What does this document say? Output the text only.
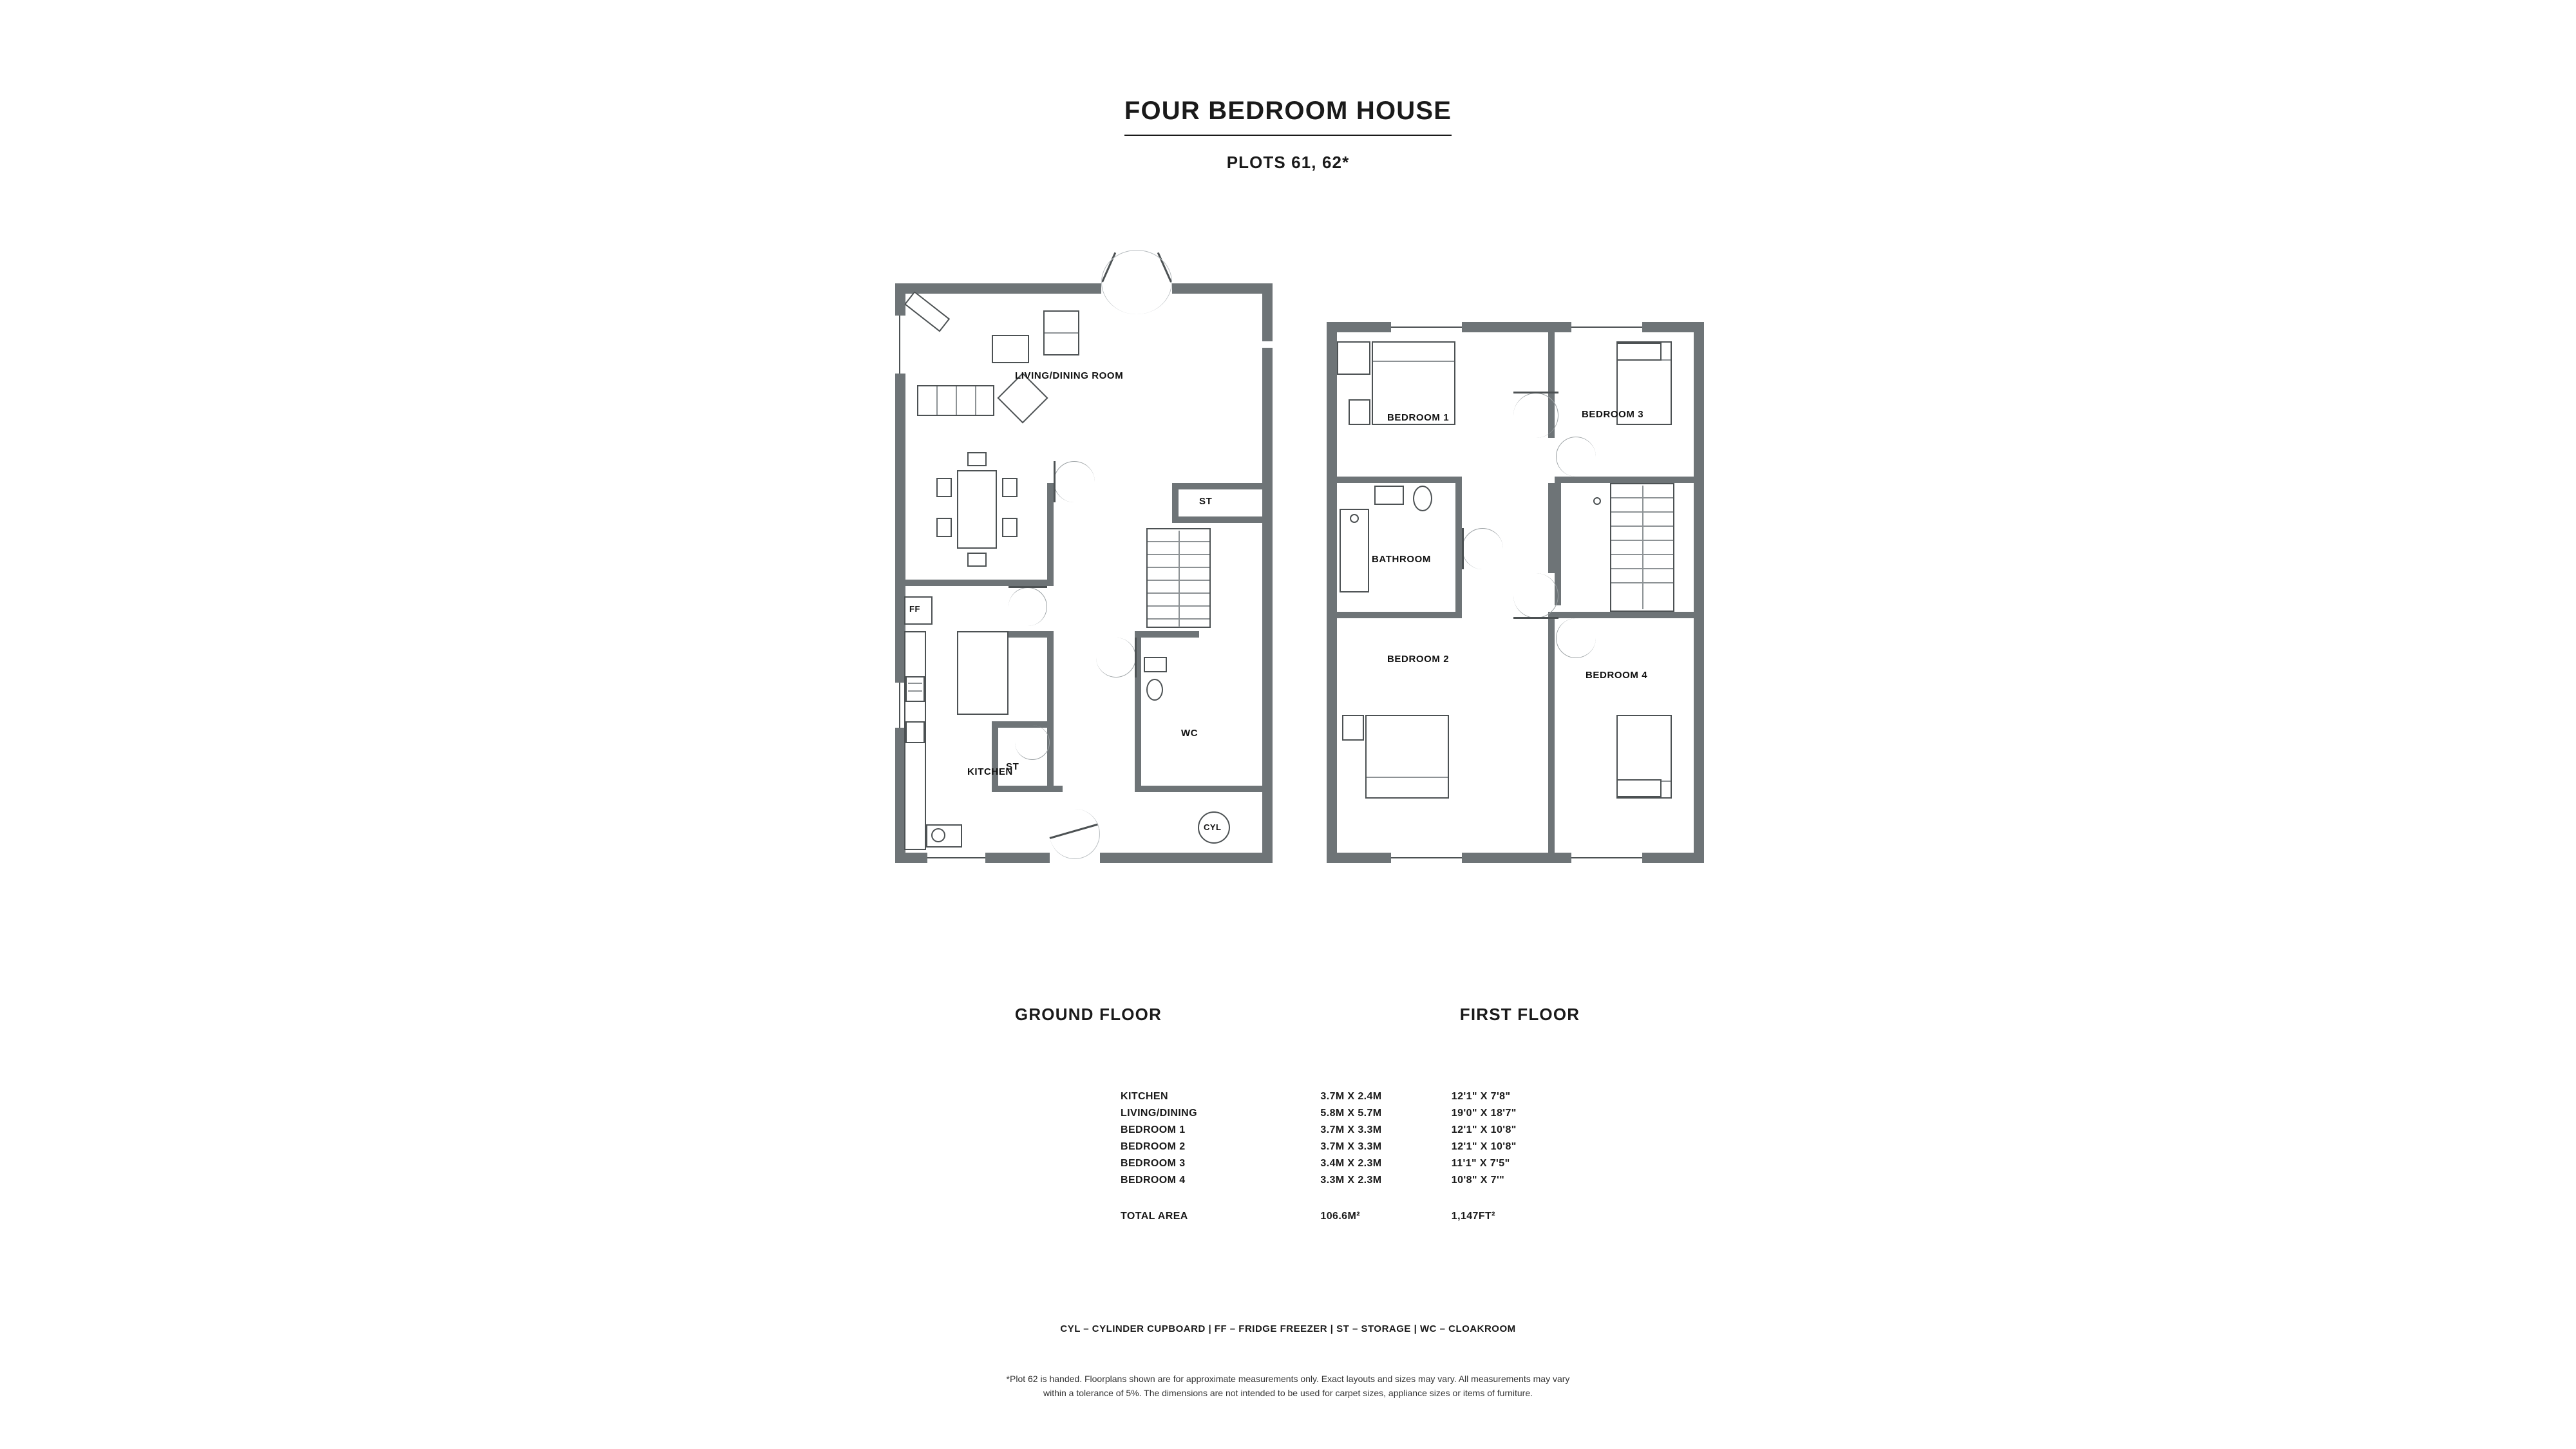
FOUR BEDROOM HOUSE
PLOTS 61, 62*
FF
CYL
LIVING/DINING ROOM
KITCHEN
WC
ST
ST
BEDROOM 1
BEDROOM 2
BEDROOM 3
BEDROOM 4
BATHROOM
GROUND FLOOR	FIRST FLOOR
KITCHEN	3.7M X 2.4M	12'1" X 7'8"
LIVING/DINING	5.8M X 5.7M	19'0" X 18'7"
BEDROOM 1	3.7M X 3.3M	12'1" X 10'8"
BEDROOM 2	3.7M X 3.3M	12'1" X 10'8"
BEDROOM 3	3.4M X 2.3M	11'1" X 7'5"
BEDROOM 4	3.3M X 2.3M	10'8" X 7'"
TOTAL AREA	106.6M²	1,147FT²
CYL – CYLINDER CUPBOARD | FF – FRIDGE FREEZER | ST – STORAGE | WC – CLOAKROOM
*Plot 62 is handed. Floorplans shown are for approximate measurements only. Exact layouts and sizes may vary. All measurements may vary
within a tolerance of 5%. The dimensions are not intended to be used for carpet sizes, appliance sizes or items of furniture.
